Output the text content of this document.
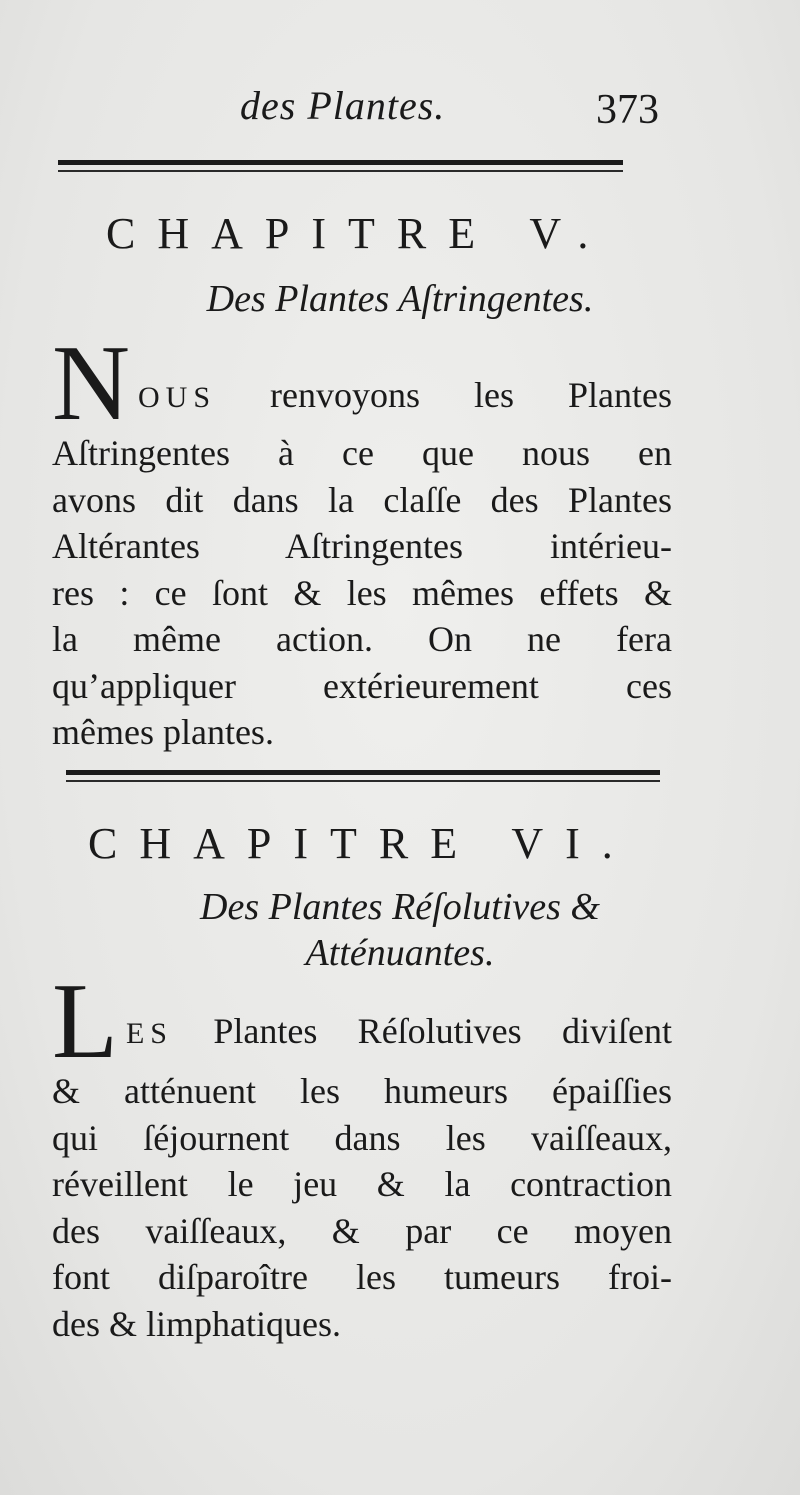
des Plantes.	373
CHAPITRE V.
Des Plantes Aſtringentes.
N OUS renvoyons les Plantes
Aſtringentes à ce que nous en
avons dit dans la claſſe des Plantes
Altérantes Aſtringentes intérieu-
res : ce ſont & les mêmes effets &
la même action. On ne fera
qu’appliquer extérieurement ces
mêmes plantes.
CHAPITRE VI.
Des Plantes Réſolutives &
Atténuantes.
L ES Plantes Réſolutives diviſent
& atténuent les humeurs épaiſſies
qui ſéjournent dans les vaiſſeaux,
réveillent le jeu & la contraction
des vaiſſeaux, & par ce moyen
font diſparoître les tumeurs froi-
des & limphatiques.
